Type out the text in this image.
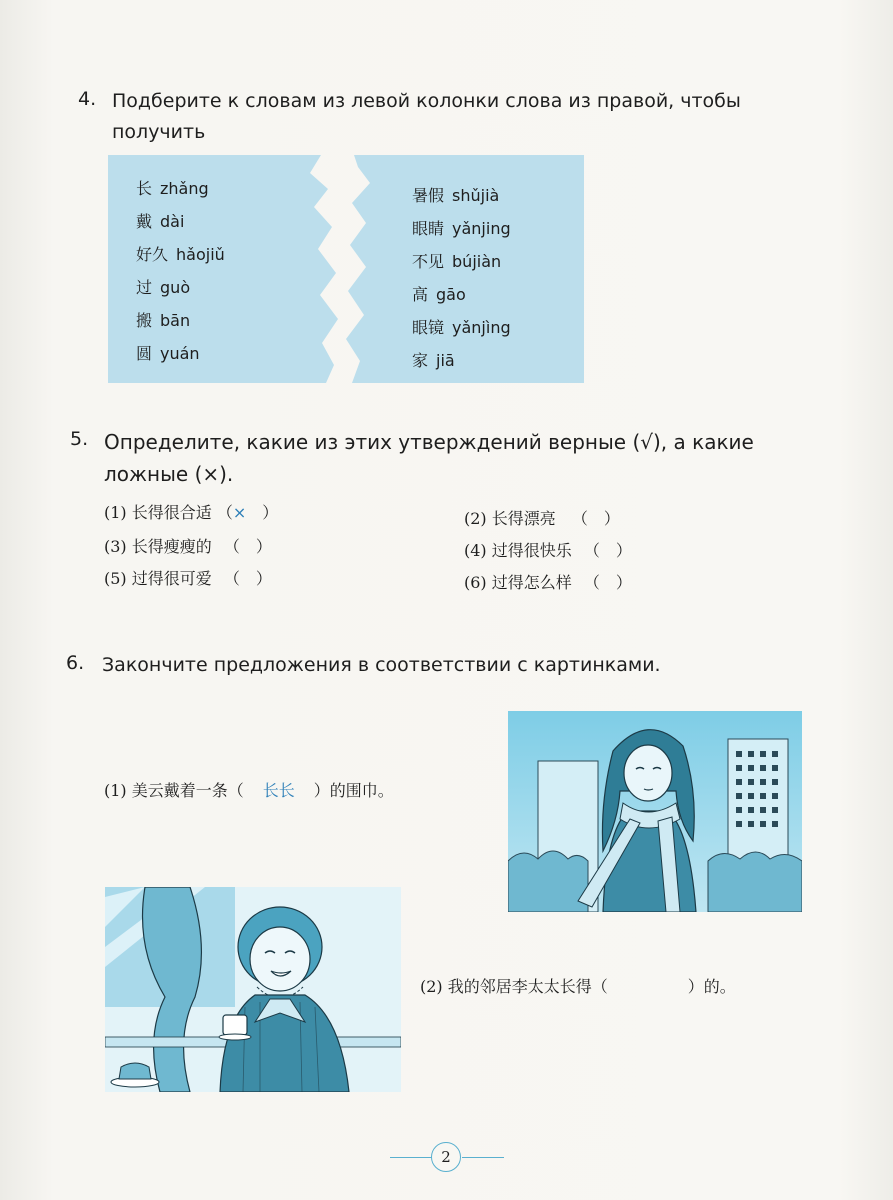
4. Подберите к словам из левой колонки слова из правой, чтобы получить
长 zhǎng
戴 dài
好久 hǎojiǔ
过 guò
搬 bān
圆 yuán
暑假 shǔjià
眼睛 yǎnjing
不见 bújiàn
高 gāo
眼镜 yǎnjìng
家 jiā
5. Определите, какие из этих утверждений верные (√), а какие
ложные (×).
(1) 长得很合适 （×　）	(2) 长得漂亮 （　）
(3) 长得瘦瘦的 （　）	(4) 过得很快乐 （　）
(5) 过得很可爱 （　）	(6) 过得怎么样 （　）
6. Закончите предложения в соответствии с картинками.
(1) 美云戴着一条（ 长长 ）的围巾。
(2) 我的邻居李太太长得（	）的。
2
